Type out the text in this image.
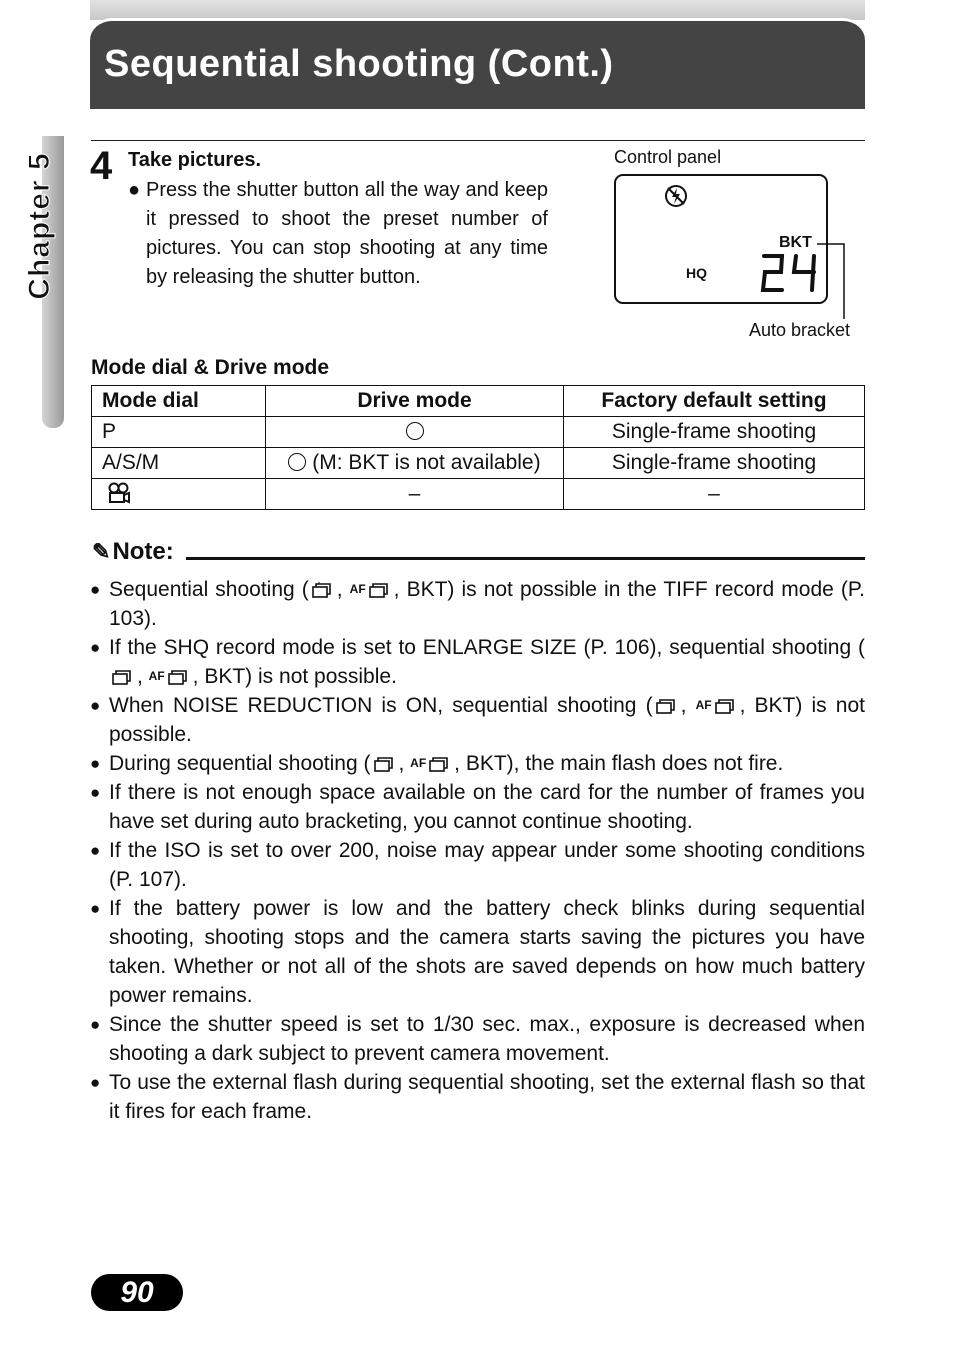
Sequential shooting (Cont.)
Chapter 5 4 Take pictures.
● Press the shutter button all the way and keep it pressed to shoot the preset number of pictures. You can stop shooting at any time by releasing the shutter button.

Control panel
BKT
HQ
Auto bracket
Mode dial & Drive mode
Mode dial	Drive mode	Factory default setting
P		Single-frame shooting
A/S/M	(M: BKT is not available)	Single-frame shooting
	–	–
✎Note:
● Sequential shooting ( , AF , BKT) is not possible in the TIFF record mode (P. 103).
● If the SHQ record mode is set to ENLARGE SIZE (P. 106), sequential shooting (, AF , BKT) is not possible.
● When NOISE REDUCTION is ON, sequential shooting ( , AF , BKT) is not possible.
● During sequential shooting ( , AF , BKT), the main flash does not fire.
● If there is not enough space available on the card for the number of frames you have set during auto bracketing, you cannot continue shooting.
● If the ISO is set to over 200, noise may appear under some shooting conditions (P. 107).
● If the battery power is low and the battery check blinks during sequential shooting, shooting stops and the camera starts saving the pictures you have taken. Whether or not all of the shots are saved depends on how much battery power remains.
● Since the shutter speed is set to 1/30 sec. max., exposure is decreased when shooting a dark subject to prevent camera movement.
● To use the external flash during sequential shooting, set the external flash so that it fires for each frame.
90
